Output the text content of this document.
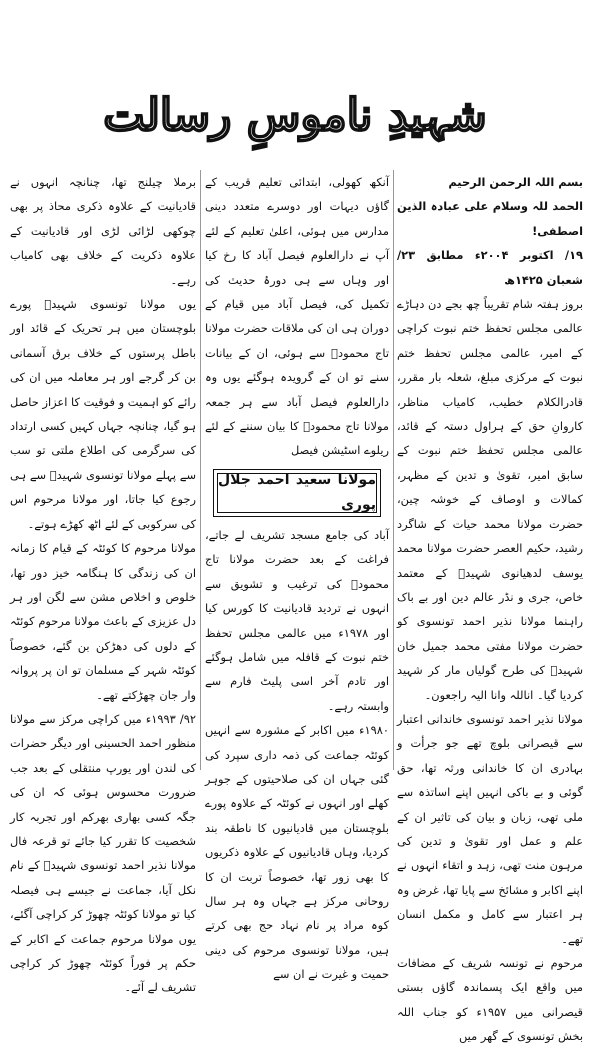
شہیدِ ناموسِ رسالت

بسم اللہ الرحمن الرحیم

الحمد للہ وسلام علی عبادہ الذین اصطفی!

۱۹/ اکتوبر ۲۰۰۴ء مطابق ۲۳/ شعبان ۱۴۲۵ھ

بروز ہفتہ شام تقریباً چھ بجے دن دہاڑے عالمی مجلس تحفظ ختم نبوت کراچی کے امیر، عالمی مجلس تحفظ ختم نبوت کے مرکزی مبلغ، شعلہ بار مقرر، قادرالکلام خطیب، کامیاب مناظر، کاروانِ حق کے ہراول دستہ کے قائد، عالمی مجلس تحفظ ختم نبوت کے سابق امیر، تقویٰ و تدین کے مظہر، کمالات و اوصاف کے خوشہ چین، حضرت مولانا محمد حیات کے شاگرد رشید، حکیم العصر حضرت مولانا محمد یوسف لدھیانوی شہیدؒ کے معتمد خاص، جری و نڈر عالم دین اور بے باک راہنما مولانا نذیر احمد تونسوی کو حضرت مولانا مفتی محمد جمیل خان شہیدؒ کی طرح گولیاں مار کر شہید کردیا گیا۔ اناللہ وانا الیہ راجعون۔

مولانا نذیر احمد تونسوی خاندانی اعتبار سے قیصرانی بلوچ تھے جو جرأت و بہادری ان کا خاندانی ورثہ تھا، حق گوئی و بے باکی انہیں اپنے اساتذہ سے ملی تھی، زبان و بیان کی تاثیر ان کے علم و عمل اور تقویٰ و تدین کی مرہون منت تھی، زہد و اتقاء انہوں نے اپنے اکابر و مشائخ سے پایا تھا، غرض وہ ہر اعتبار سے کامل و مکمل انسان تھے۔

مرحوم نے تونسہ شریف کے مضافات میں واقع ایک پسماندہ گاؤں بستی قیصرانی میں ۱۹۵۷ء کو جناب اللہ بخش تونسوی کے گھر میں

آنکھ کھولی، ابتدائی تعلیم قریب کے گاؤں دیہات اور دوسرے متعدد دینی مدارس میں ہوئی، اعلیٰ تعلیم کے لئے آپ نے دارالعلوم فیصل آباد کا رخ کیا اور وہاں سے ہی دورۂ حدیث کی تکمیل کی، فیصل آباد میں قیام کے دوران ہی ان کی ملاقات حضرت مولانا تاج محمودؒ سے ہوئی، ان کے بیانات سنے تو ان کے گرویدہ ہوگئے یوں وہ دارالعلوم فیصل آباد سے ہر جمعہ مولانا تاج محمودؒ کا بیان سننے کے لئے ریلوے اسٹیشن فیصل

مولانا سعید احمد جلال پوری

آباد کی جامع مسجد تشریف لے جاتے، فراغت کے بعد حضرت مولانا تاج محمودؒ کی ترغیب و تشویق سے انہوں نے تردید قادیانیت کا کورس کیا اور ۱۹۷۸ء میں عالمی مجلس تحفظ ختم نبوت کے قافلہ میں شامل ہوگئے اور تادم آخر اسی پلیٹ فارم سے وابستہ رہے۔

۱۹۸۰ء میں اکابر کے مشورہ سے انہیں کوئٹہ جماعت کی ذمہ داری سپرد کی گئی جہاں ان کی صلاحیتوں کے جوہر کھلے اور انہوں نے کوئٹہ کے علاوہ پورے بلوچستان میں قادیانیوں کا ناطقہ بند کردیا، وہاں قادیانیوں کے علاوہ ذکریوں کا بھی زور تھا، خصوصاً تربت ان کا روحانی مرکز ہے جہاں وہ ہر سال کوہ مراد پر نام نہاد حج بھی کرتے ہیں، مولانا تونسوی مرحوم کی دینی حمیت و غیرت نے ان سے

برملا چیلنج تھا، چنانچہ انہوں نے قادیانیت کے علاوہ ذکری محاذ پر بھی چوکھی لڑائی لڑی اور قادیانیت کے علاوہ ذکریت کے خلاف بھی کامیاب رہے۔

یوں مولانا تونسوی شہیدؒ پورے بلوچستان میں ہر تحریک کے قائد اور باطل پرستوں کے خلاف برق آسمانی بن کر گرجے اور ہر معاملہ میں ان کی رائے کو اہمیت و فوقیت کا اعزاز حاصل ہو گیا، چنانچہ جہاں کہیں کسی ارتداد کی سرگرمی کی اطلاع ملتی تو سب سے پہلے مولانا تونسوی شہیدؒ سے ہی رجوع کیا جاتا، اور مولانا مرحوم اس کی سرکوبی کے لئے اٹھ کھڑے ہوتے۔

مولانا مرحوم کا کوئٹہ کے قیام کا زمانہ ان کی زندگی کا ہنگامہ خیز دور تھا، خلوص و اخلاص مشن سے لگن اور ہر دل عزیزی کے باعث مولانا مرحوم کوئٹہ کے دلوں کی دھڑکن بن گئے، خصوصاً کوئٹہ شہر کے مسلمان تو ان پر پروانہ وار جان چھڑکتے تھے۔

۹۲/ ۱۹۹۳ء میں کراچی مرکز سے مولانا منظور احمد الحسینی اور دیگر حضرات کی لندن اور یورپ منتقلی کے بعد جب ضرورت محسوس ہوئی کہ ان کی جگہ کسی بھاری بھرکم اور تجربہ کار شخصیت کا تقرر کیا جائے تو قرعہ فال مولانا نذیر احمد تونسوی شہیدؒ کے نام نکل آیا، جماعت نے جیسے ہی فیصلہ کیا تو مولانا کوئٹہ چھوڑ کر کراچی آگئے، یوں مولانا مرحوم جماعت کے اکابر کے حکم پر فوراً کوئٹہ چھوڑ کر کراچی تشریف لے آئے۔
